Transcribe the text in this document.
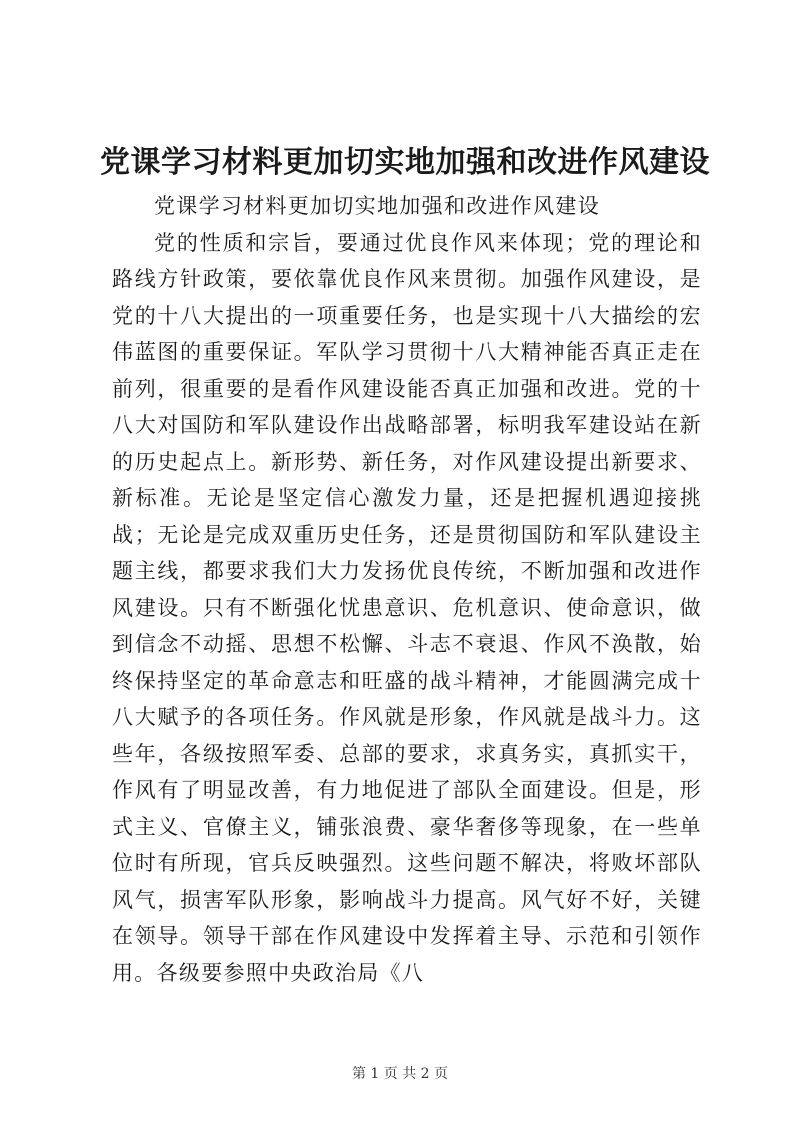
党课学习材料更加切实地加强和改进作风建设

党课学习材料更加切实地加强和改进作风建设

党的性质和宗旨，要通过优良作风来体现；党的理论和路线方针政策，要依靠优良作风来贯彻。加强作风建设，是党的十八大提出的一项重要任务，也是实现十八大描绘的宏伟蓝图的重要保证。军队学习贯彻十八大精神能否真正走在前列，很重要的是看作风建设能否真正加强和改进。党的十八大对国防和军队建设作出战略部署，标明我军建设站在新的历史起点上。新形势、新任务，对作风建设提出新要求、新标准。无论是坚定信心激发力量，还是把握机遇迎接挑战；无论是完成双重历史任务，还是贯彻国防和军队建设主题主线，都要求我们大力发扬优良传统，不断加强和改进作风建设。只有不断强化忧患意识、危机意识、使命意识，做到信念不动摇、思想不松懈、斗志不衰退、作风不涣散，始终保持坚定的革命意志和旺盛的战斗精神，才能圆满完成十八大赋予的各项任务。作风就是形象，作风就是战斗力。这些年，各级按照军委、总部的要求，求真务实，真抓实干，作风有了明显改善，有力地促进了部队全面建设。但是，形式主义、官僚主义，铺张浪费、豪华奢侈等现象，在一些单位时有所现，官兵反映强烈。这些问题不解决，将败坏部队风气，损害军队形象，影响战斗力提高。风气好不好，关键在领导。领导干部在作风建设中发挥着主导、示范和引领作用。各级要参照中央政治局《八

第 1 页 共 2 页
